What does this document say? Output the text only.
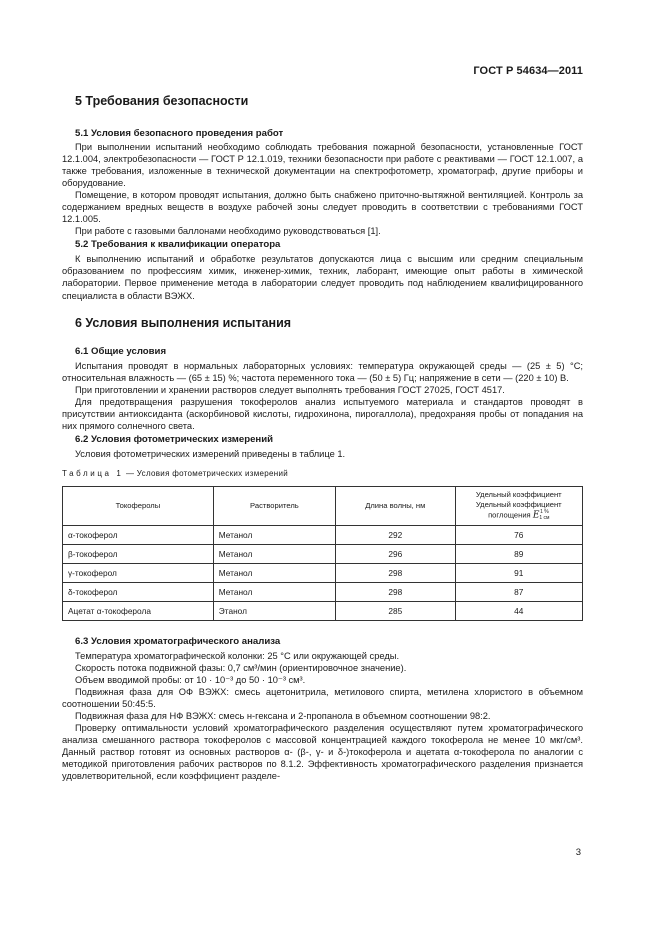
ГОСТ Р 54634—2011
5 Требования безопасности
5.1 Условия безопасного проведения работ

При выполнении испытаний необходимо соблюдать требования пожарной безопасности, установленные ГОСТ 12.1.004, электробезопасности — ГОСТ Р 12.1.019, техники безопасности при работе с реактивами — ГОСТ 12.1.007, а также требования, изложенные в технической документации на спектрофотометр, хроматограф, другие приборы и оборудование.

Помещение, в котором проводят испытания, должно быть снабжено приточно-вытяжной вентиляцией. Контроль за содержанием вредных веществ в воздухе рабочей зоны следует проводить в соответствии с требованиями ГОСТ 12.1.005.

При работе с газовыми баллонами необходимо руководствоваться [1].

5.2 Требования к квалификации оператора

К выполнению испытаний и обработке результатов допускаются лица с высшим или средним специальным образованием по профессиям химик, инженер-химик, техник, лаборант, имеющие опыт работы в химической лаборатории. Первое применение метода в лаборатории следует проводить под наблюдением квалифицированного специалиста в области ВЭЖХ.

6 Условия выполнения испытания
6.1 Общие условия

Испытания проводят в нормальных лабораторных условиях: температура окружающей среды — (25 ± 5) °С; относительная влажность — (65 ± 15) %; частота переменного тока — (50 ± 5) Гц; напряжение в сети — (220 ± 10) В.

При приготовлении и хранении растворов следует выполнять требования ГОСТ 27025, ГОСТ 4517.

Для предотвращения разрушения токоферолов анализ испытуемого материала и стандартов проводят в присутствии антиоксиданта (аскорбиновой кислоты, гидрохинона, пирогаллола), предохраняя пробы от попадания на них прямого солнечного света.

6.2 Условия фотометрических измерений

Условия фотометрических измерений приведены в таблице 1.

Таблица 1 — Условия фотометрических измерений
Токоферолы	Растворитель	Длина волны, нм	Удельный коэффициент
Удельный коэффициент поглощения E1 %
1 см

α-токоферол	Метанол	292	76
β-токоферол	Метанол	296	89
γ-токоферол	Метанол	298	91
δ-токоферол	Метанол	298	87
Ацетат α-токоферола	Этанол	285	44
6.3 Условия хроматографического анализа

Температура хроматографической колонки: 25 °С или окружающей среды.

Скорость потока подвижной фазы: 0,7 см³/мин (ориентировочное значение).

Объем вводимой пробы: от 10 · 10⁻³ до 50 · 10⁻³ см³.

Подвижная фаза для ОФ ВЭЖХ: смесь ацетонитрила, метилового спирта, метилена хлористого в объемном соотношении 50:45:5.

Подвижная фаза для НФ ВЭЖХ: смесь н-гексана и 2-пропанола в объемном соотношении 98:2.

Проверку оптимальности условий хроматографического разделения осуществляют путем хроматографического анализа смешанного раствора токоферолов с массовой концентрацией каждого токоферола не менее 10 мкг/см³. Данный раствор готовят из основных растворов α- (β-, γ- и δ-)токоферола и ацетата α-токоферола по аналогии с методикой приготовления рабочих растворов по 8.1.2. Эффективность хроматографического разделения признается удовлетворительной, если коэффициент разделе-

3
